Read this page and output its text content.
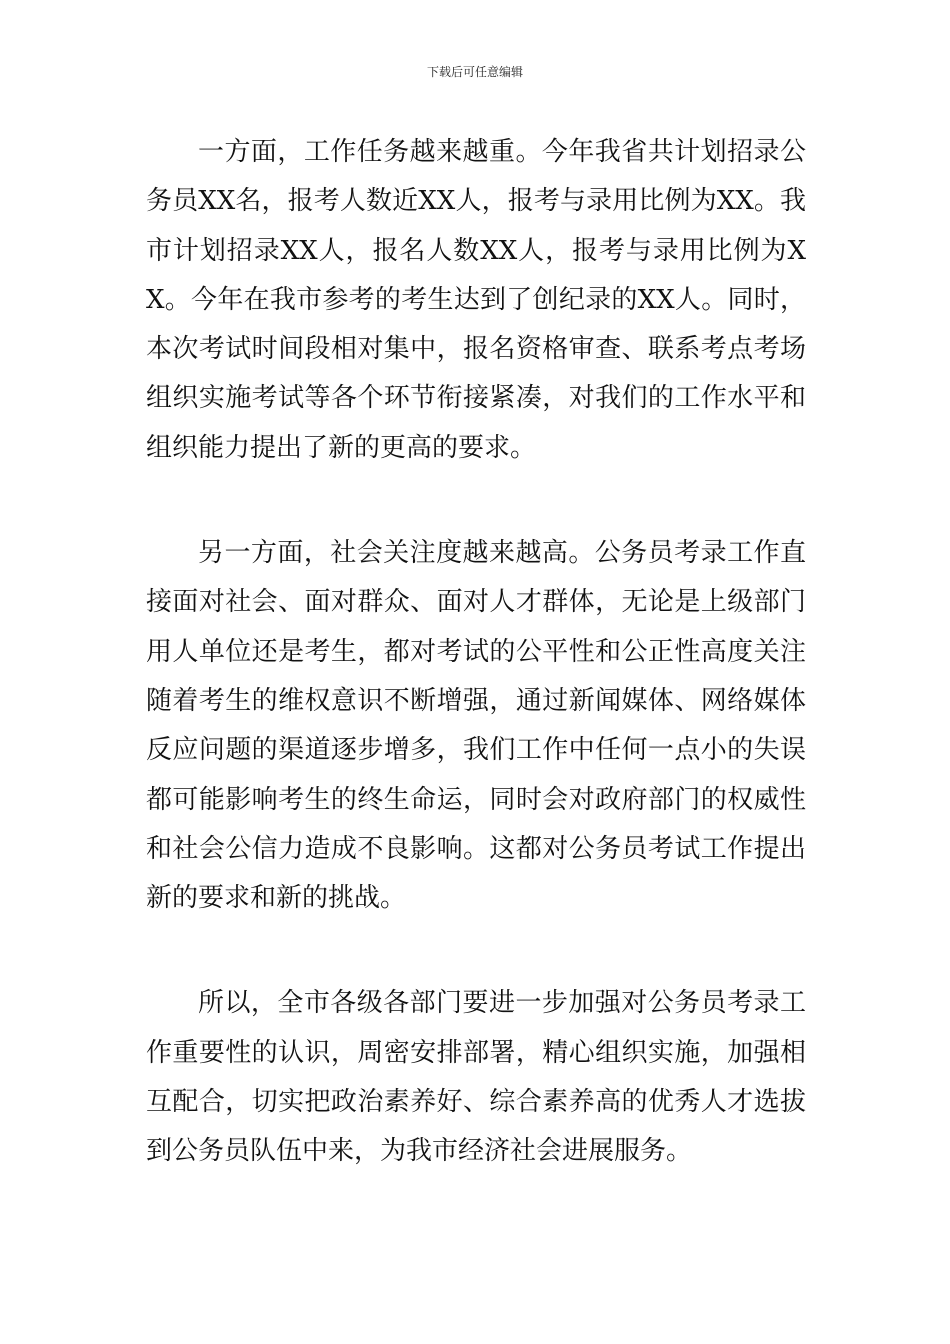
下载后可任意编辑

一方面，工作任务越来越重。今年我省共计划招录公务员XX名，报考人数近XX人，报考与录用比例为XX。我市计划招录XX人，报名人数XX人，报考与录用比例为XX。今年在我市参考的考生达到了创纪录的XX人。同时，本次考试时间段相对集中，报名资格审查、联系考点考场组织实施考试等各个环节衔接紧凑，对我们的工作水平和组织能力提出了新的更高的要求。

另一方面，社会关注度越来越高。公务员考录工作直接面对社会、面对群众、面对人才群体，无论是上级部门用人单位还是考生，都对考试的公平性和公正性高度关注随着考生的维权意识不断增强，通过新闻媒体、网络媒体反应问题的渠道逐步增多，我们工作中任何一点小的失误都可能影响考生的终生命运，同时会对政府部门的权威性和社会公信力造成不良影响。这都对公务员考试工作提出新的要求和新的挑战。

所以，全市各级各部门要进一步加强对公务员考录工作重要性的认识，周密安排部署，精心组织实施，加强相互配合，切实把政治素养好、综合素养高的优秀人才选拔到公务员队伍中来，为我市经济社会进展服务。
